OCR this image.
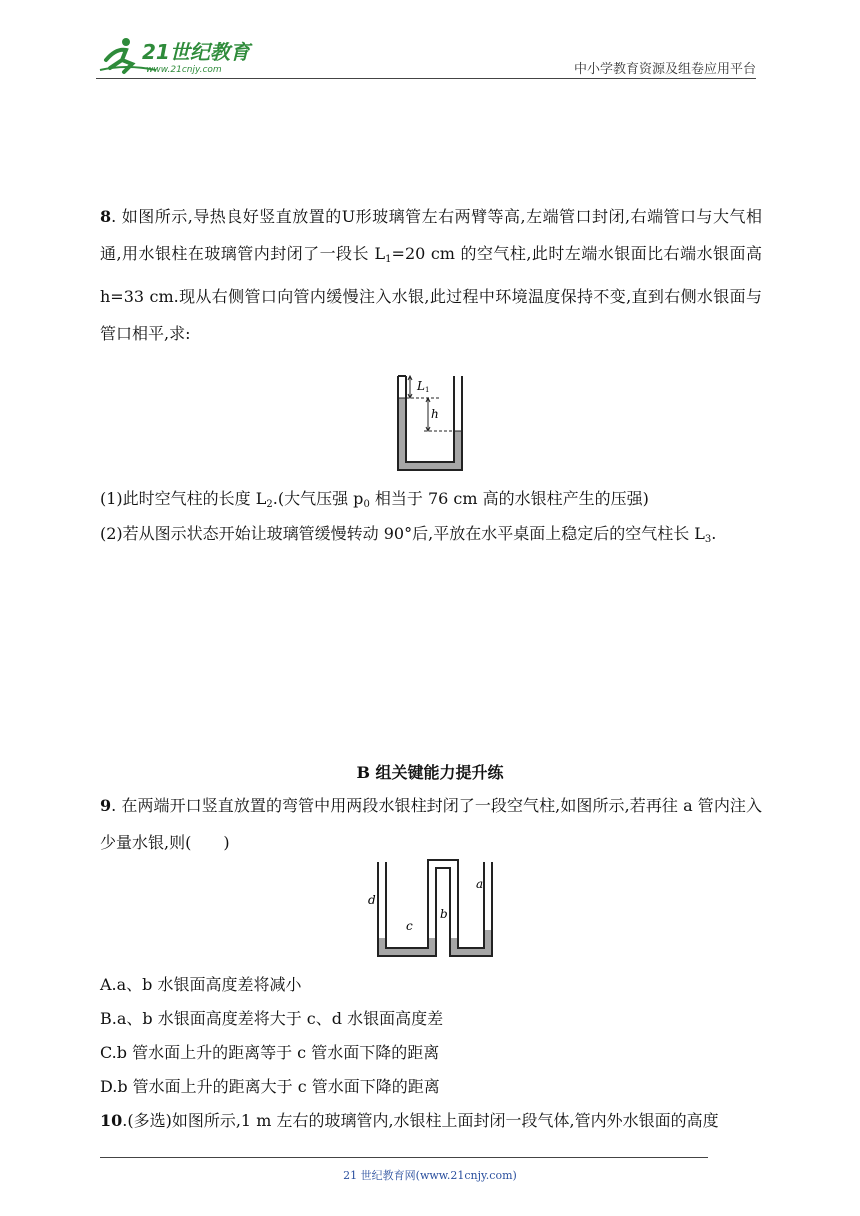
21世纪教育
www.21cnjy.com	中小学教育资源及组卷应用平台
8. 如图所示,导热良好竖直放置的U形玻璃管左右两臂等高,左端管口封闭,右端管口与大气相通,用水银柱在玻璃管内封闭了一段长 L1=20 cm 的空气柱,此时左端水银面比右端水银面高 h=33 cm.现从右侧管口向管内缓慢注入水银,此过程中环境温度保持不变,直到右侧水银面与管口相平,求:
L 1
h
(1)此时空气柱的长度 L2.(大气压强 p0 相当于 76 cm 高的水银柱产生的压强)
(2)若从图示状态开始让玻璃管缓慢转动 90°后,平放在水平桌面上稳定后的空气柱长 L3.
B 组关键能力提升练
9. 在两端开口竖直放置的弯管中用两段水银柱封闭了一段空气柱,如图所示,若再往 a 管内注入少量水银,则(　　)
d
c
b
a
A.a、b 水银面高度差将减小
B.a、b 水银面高度差将大于 c、d 水银面高度差
C.b 管水面上升的距离等于 c 管水面下降的距离
D.b 管水面上升的距离大于 c 管水面下降的距离
10.(多选)如图所示,1 m 左右的玻璃管内,水银柱上面封闭一段气体,管内外水银面的高度
21 世纪教育网(www.21cnjy.com)
